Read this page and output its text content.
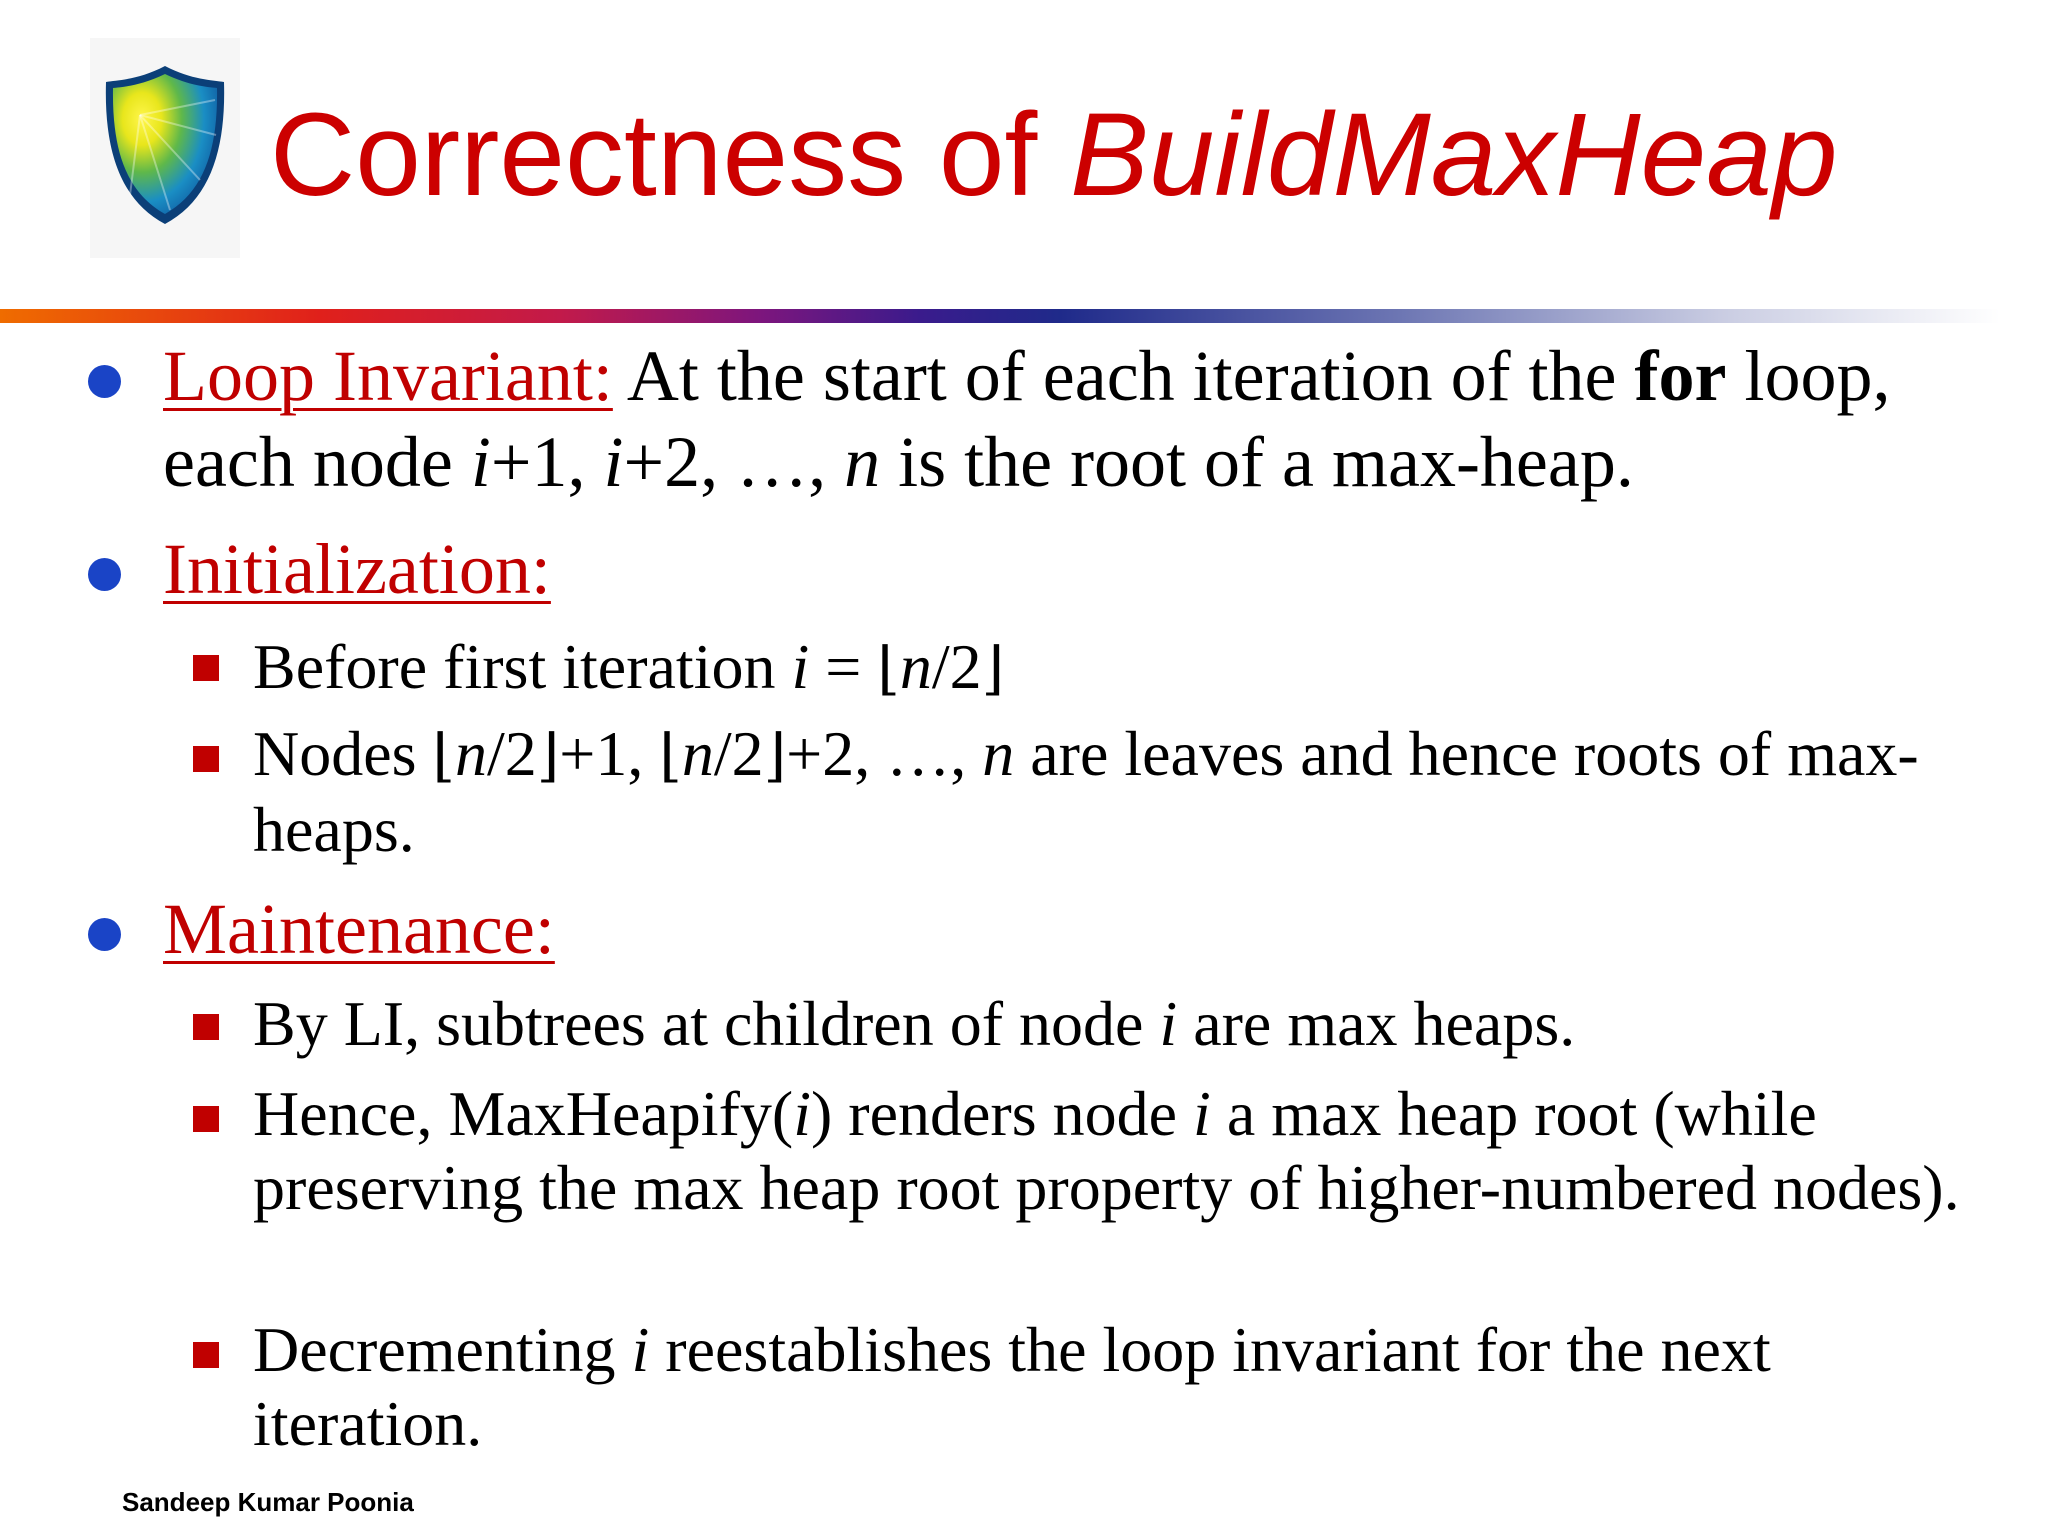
Correctness of BuildMaxHeap
Loop Invariant: At the start of each iteration of the for loop, each node i+1, i+2, …, n is the root of a max-heap.
Initialization:
Before first iteration i = ⌊n/2⌋
Nodes ⌊n/2⌋+1, ⌊n/2⌋+2, …, n are leaves and hence roots of max-heaps.
Maintenance:
By LI, subtrees at children of node i are max heaps.
Hence, MaxHeapify(i) renders node i a max heap root (while preserving the max heap root property of higher-numbered nodes).
Decrementing i reestablishes the loop invariant for the next iteration.
Sandeep Kumar Poonia
